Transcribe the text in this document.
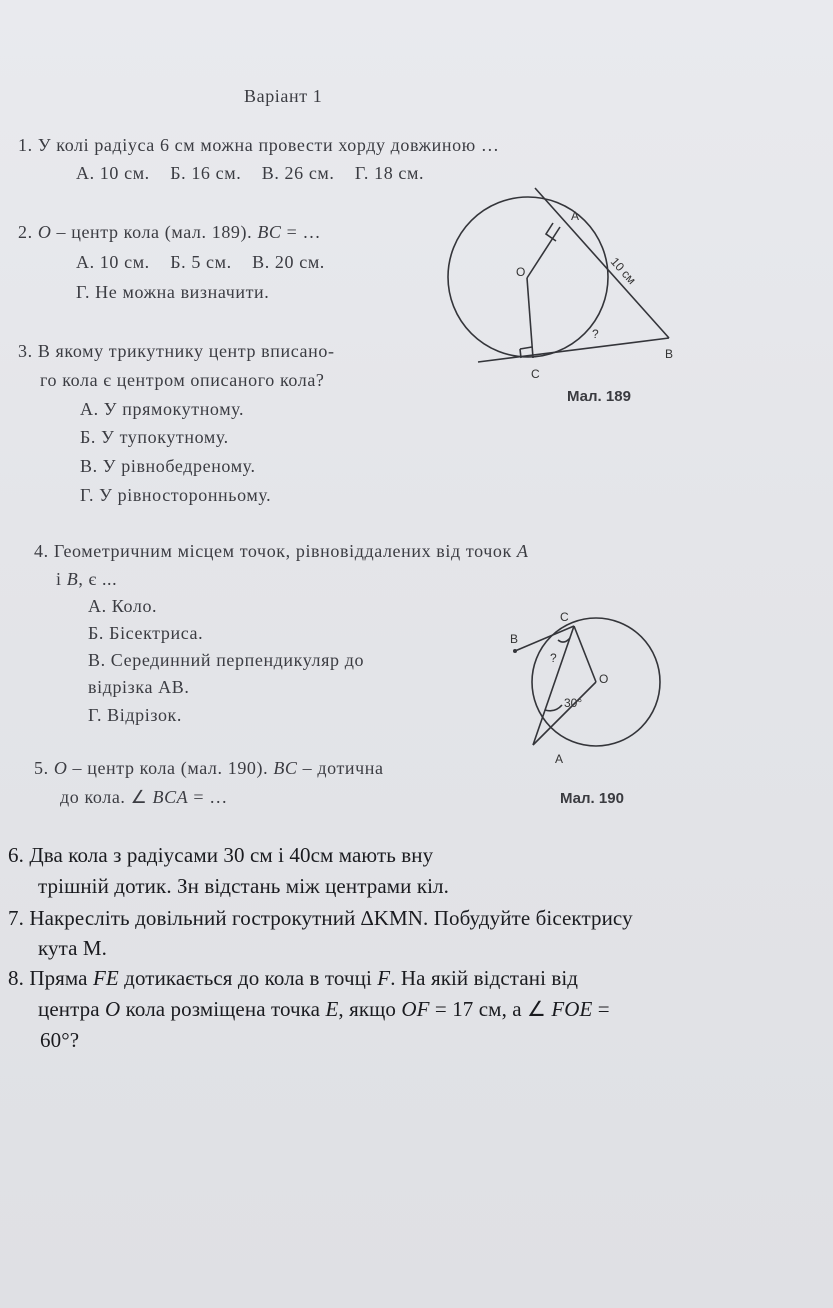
Варіант 1
1. У колі радіуса 6 см можна провести хорду довжиною …
А. 10 см. Б. 16 см. В. 26 см. Г. 18 см.
2. O – центр кола (мал. 189). BC = …
А. 10 см. Б. 5 см. В. 20 см.
Г. Не можна визначити.
3. В якому трикутнику центр вписано-
го кола є центром описаного кола?
А. У прямокутному.
Б. У тупокутному.
В. У рівнобедреному.
Г. У рівносторонньому.
A
O
B
C
?
10 см
Мал. 189
4. Геометричним місцем точок, рівновіддалених від точок A
і B, є ...
А. Коло.
Б. Бісектриса.
В. Серединний перпендикуляр до
відрізка AB.
Г. Відрізок.
C
B
O
A
?
30°
Мал. 190
5. O – центр кола (мал. 190). BC – дотична
до кола. ∠ BCA = …
6. Два кола з радіусами 30 см і 40см мають вну
трішній дотик. Зн відстань між центрами кіл.
7. Накресліть довільний гострокутний ∆KMN. Побудуйте бісектрису
кута M.
8. Пряма FE дотикається до кола в точці F. На якій відстані від
центра O кола розміщена точка E, якщо OF = 17 см, а ∠ FOE =
60°?
